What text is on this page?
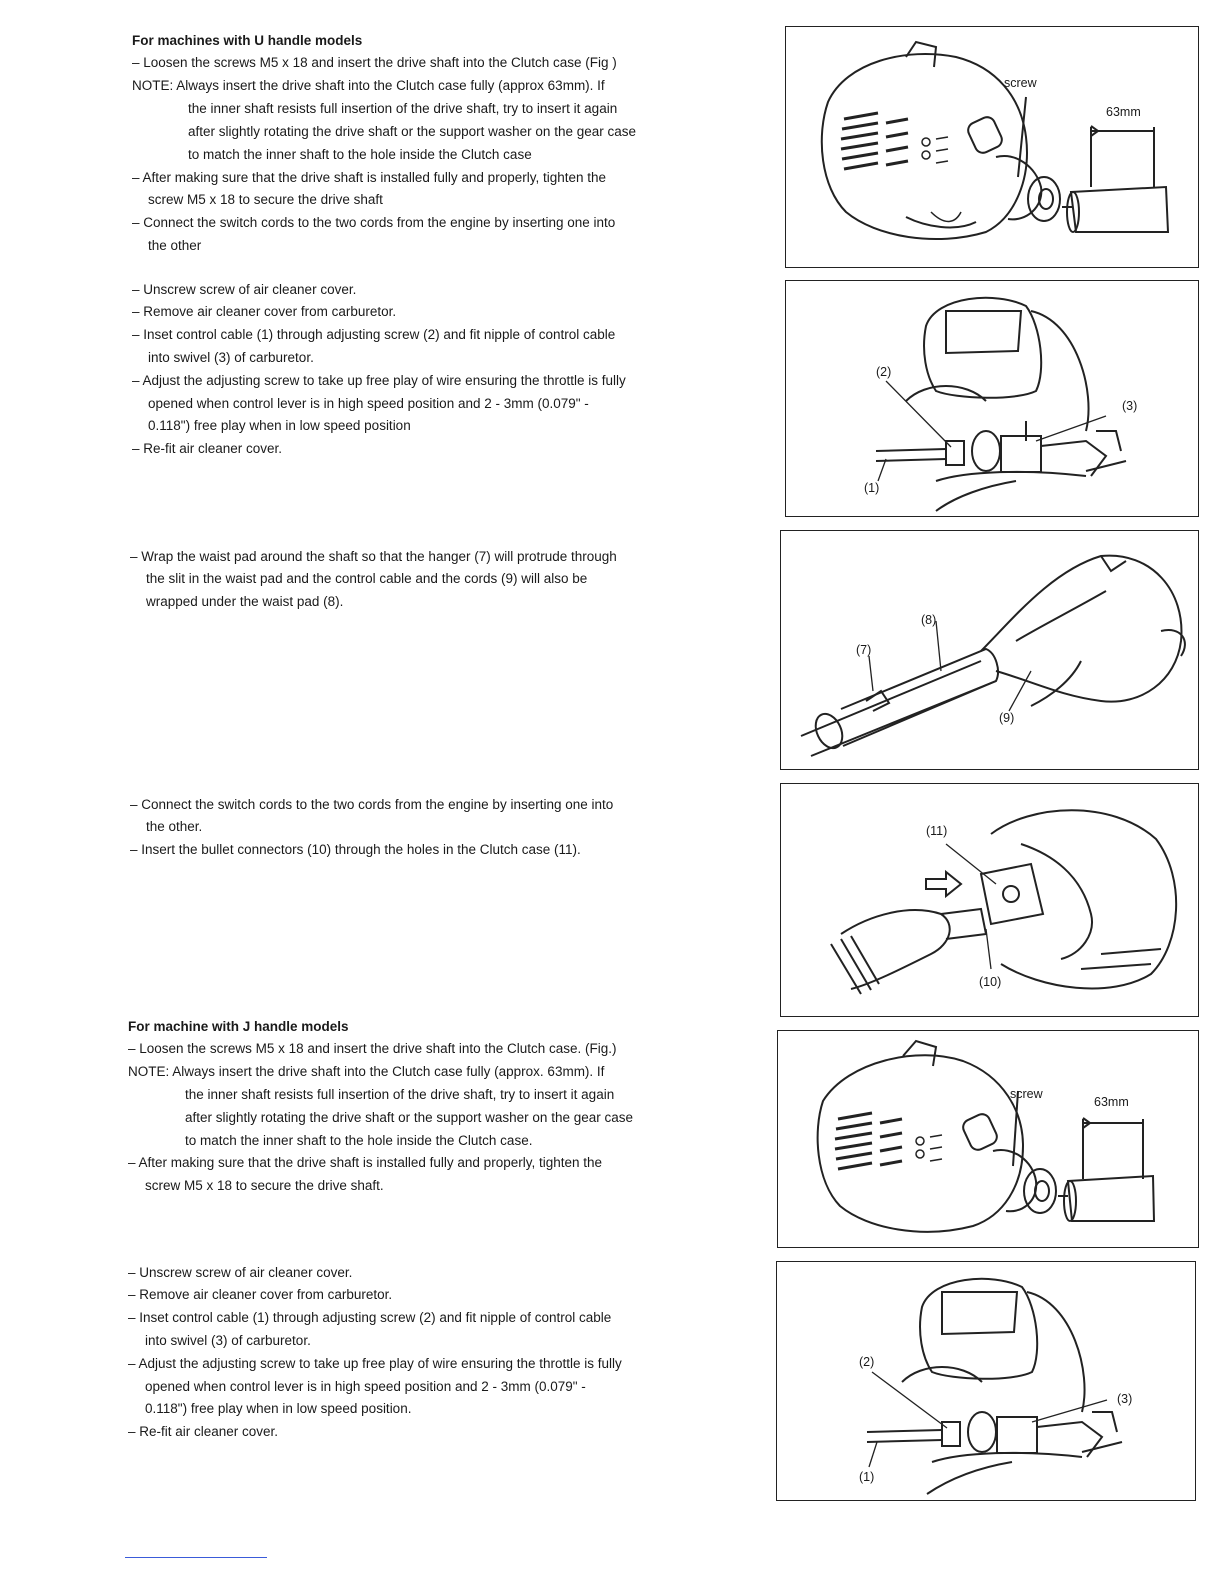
For machines with U handle models
– Loosen the screws M5 x 18 and insert the drive shaft into the Clutch case (Fig )
NOTE: Always insert the drive shaft into the Clutch case fully (approx 63mm). If
the inner shaft resists full insertion of the drive shaft, try to insert it again
after slightly rotating the drive shaft or the support washer on the gear case
to match the inner shaft to the hole inside the Clutch case
– After making sure that the drive shaft is installed fully and properly, tighten the
screw M5 x 18 to secure the drive shaft
– Connect the switch cords to the two cords from the engine by inserting one into
the other
– Unscrew screw of air cleaner cover.
– Remove air cleaner cover from carburetor.
– Inset control cable (1) through adjusting screw (2) and fit nipple of control cable
into swivel (3) of carburetor.
– Adjust the adjusting screw to take up free play of wire ensuring the throttle is fully
opened when control lever is in high speed position and 2 - 3mm (0.079" -
0.118") free play when in low speed position
– Re-fit air cleaner cover.
– Wrap the waist pad around the shaft so that the hanger (7) will protrude through
the slit in the waist pad and the control cable and the cords (9) will also be
wrapped under the waist pad (8).
– Connect the switch cords to the two cords from the engine by inserting one into
the other.
– Insert the bullet connectors (10) through the holes in the Clutch case (11).
For machine with J handle models
– Loosen the screws M5 x 18 and insert the drive shaft into the Clutch case. (Fig.)
NOTE: Always insert the drive shaft into the Clutch case fully (approx. 63mm). If
the inner shaft resists full insertion of the drive shaft, try to insert it again
after slightly rotating the drive shaft or the support washer on the gear case
to match the inner shaft to the hole inside the Clutch case.
– After making sure that the drive shaft is installed fully and properly, tighten the
screw M5 x 18 to secure the drive shaft.
– Unscrew screw of air cleaner cover.
– Remove air cleaner cover from carburetor.
– Inset control cable (1) through adjusting screw (2) and fit nipple of control cable
into swivel (3) of carburetor.
– Adjust the adjusting screw to take up free play of wire ensuring the throttle is fully
opened when control lever is in high speed position and 2 - 3mm (0.079" -
0.118") free play when in low speed position.
– Re-fit air cleaner cover.
screw
63mm
(2)
(3)
(1)
(8)
(7)
(9)
(11)
(10)
screw
63mm
(2)
(3)
(1)
